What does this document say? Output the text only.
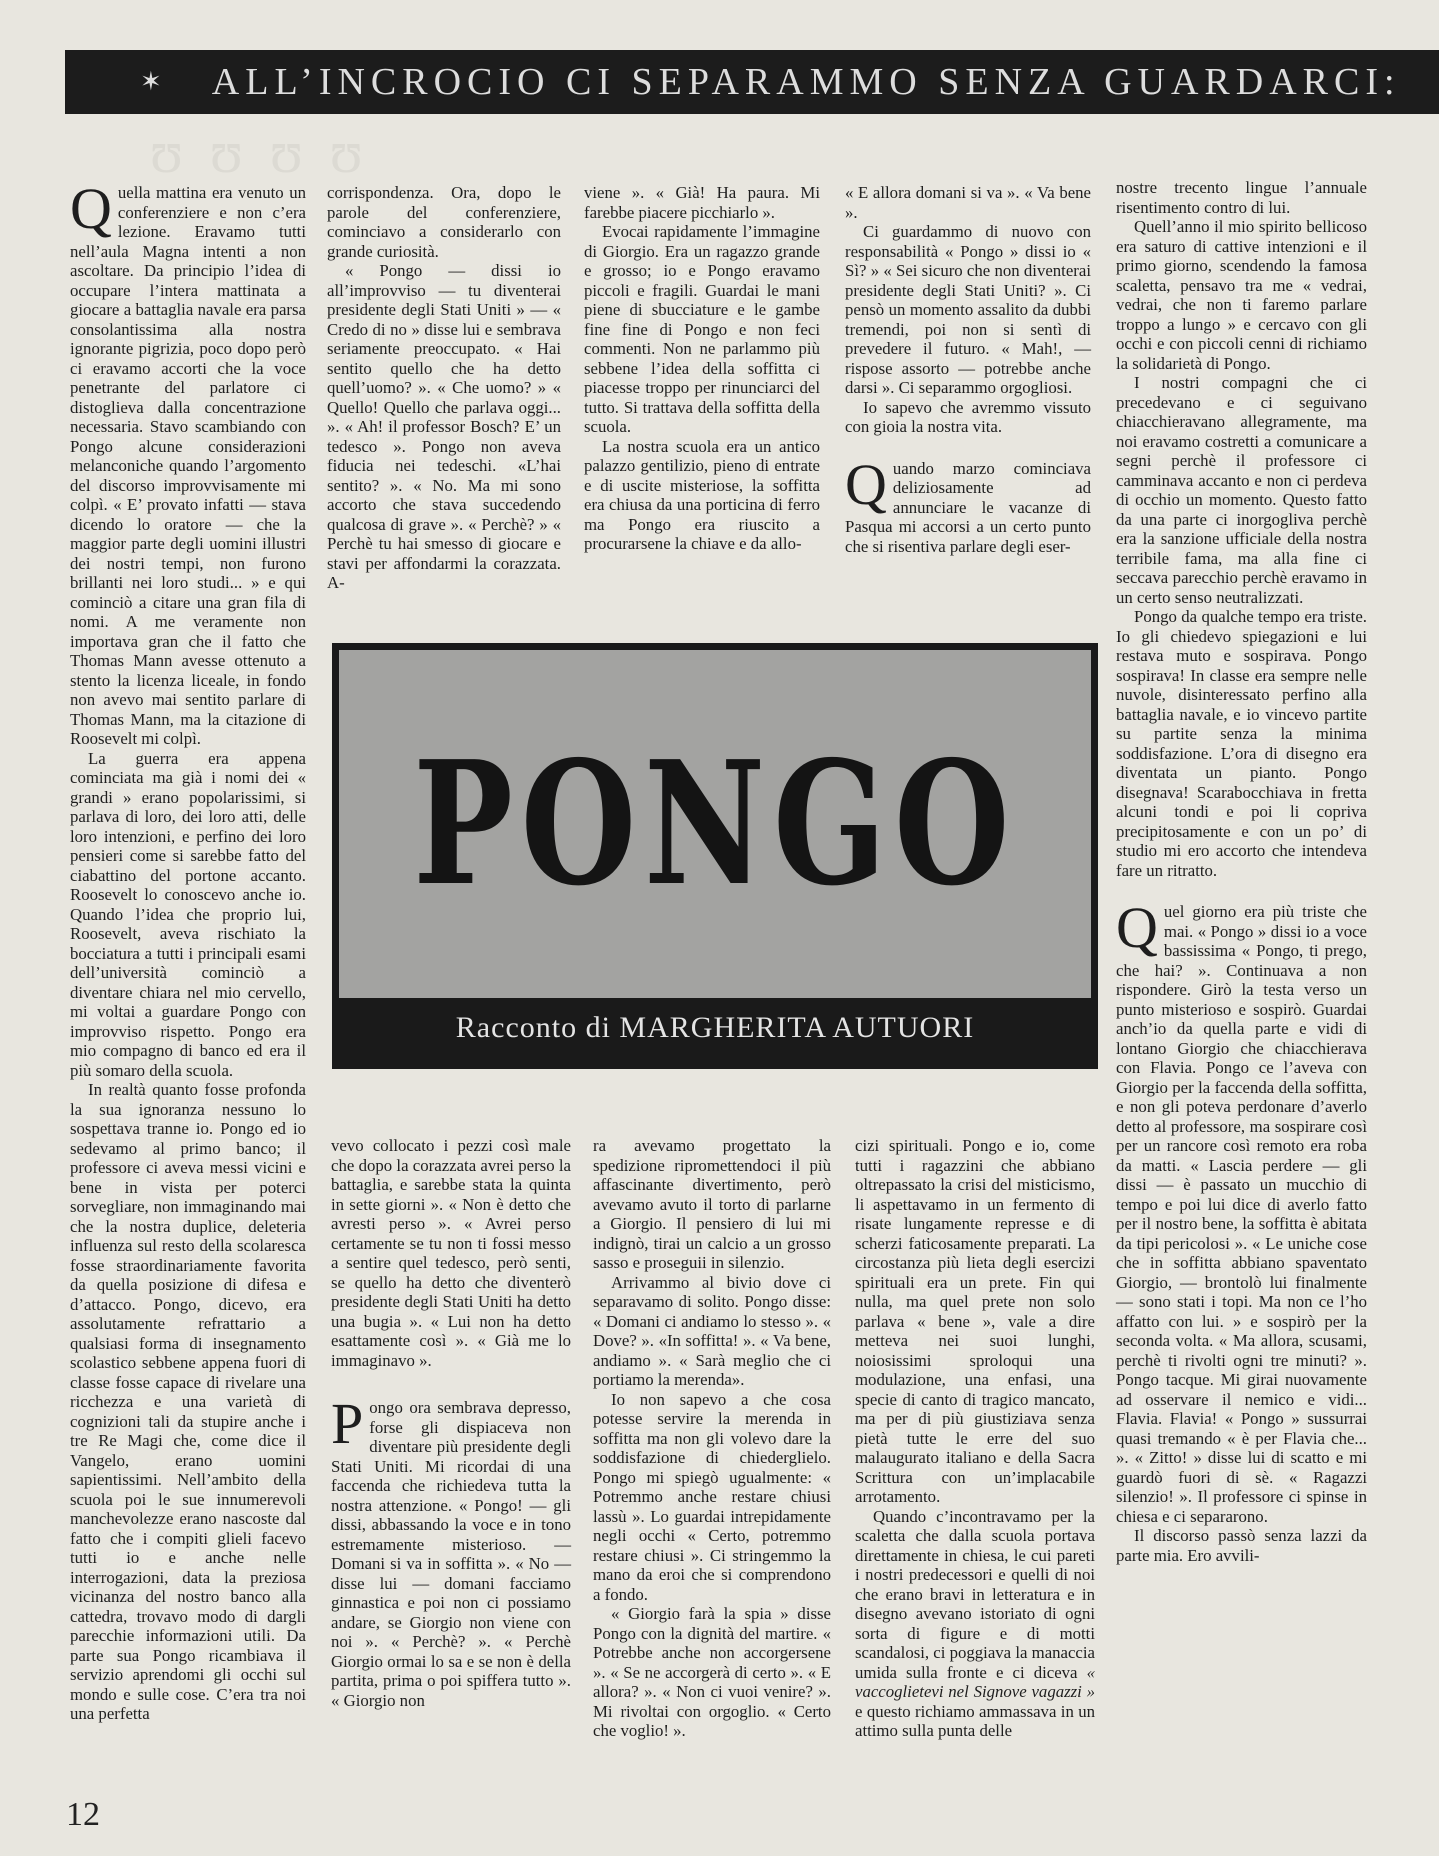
ʊ ʊ ʊ ʊ
✶ ALL’INCROCIO CI SEPARAMMO SENZA GUARDARCI:

Quella mattina era venuto un conferenziere e non c’era lezione. Eravamo tutti nell’aula Magna intenti a non ascoltare. Da principio l’idea di occupare l’intera mattinata a giocare a battaglia navale era parsa consolantissima alla nostra ignorante pigrizia, poco dopo però ci eravamo accorti che la voce penetrante del parlatore ci distoglieva dalla concentrazione necessaria. Stavo scambiando con Pongo alcune considerazioni melanconiche quando l’argomento del discorso improvvisamente mi colpì. « E’ provato infatti — stava dicendo lo oratore — che la maggior parte degli uomini illustri dei nostri tempi, non furono brillanti nei loro studi... » e qui cominciò a citare una gran fila di nomi. A me veramente non importava gran che il fatto che Thomas Mann avesse ottenuto a stento la licenza liceale, in fondo non avevo mai sentito parlare di Thomas Mann, ma la citazione di Roosevelt mi colpì.

La guerra era appena cominciata ma già i nomi dei « grandi » erano popolarissimi, si parlava di loro, dei loro atti, delle loro intenzioni, e perfino dei loro pensieri come si sarebbe fatto del ciabattino del portone accanto. Roosevelt lo conoscevo anche io. Quando l’idea che proprio lui, Roosevelt, aveva rischiato la bocciatura a tutti i principali esami dell’università cominciò a diventare chiara nel mio cervello, mi voltai a guardare Pongo con improvviso rispetto. Pongo era mio compagno di banco ed era il più somaro della scuola.

In realtà quanto fosse profonda la sua ignoranza nessuno lo sospettava tranne io. Pongo ed io sedevamo al primo banco; il professore ci aveva messi vicini e bene in vista per poterci sorvegliare, non immaginando mai che la nostra duplice, deleteria influenza sul resto della scolaresca fosse straordinariamente favorita da quella posizione di difesa e d’attacco. Pongo, dicevo, era assolutamente refrattario a qualsiasi forma di insegnamento scolastico sebbene appena fuori di classe fosse capace di rivelare una ricchezza e una varietà di cognizioni tali da stupire anche i tre Re Magi che, come dice il Vangelo, erano uomini sapientissimi. Nell’ambito della scuola poi le sue innumerevoli manchevolezze erano nascoste dal fatto che i compiti glieli facevo tutti io e anche nelle interrogazioni, data la preziosa vicinanza del nostro banco alla cattedra, trovavo modo di dargli parecchie informazioni utili. Da parte sua Pongo ricambiava il servizio aprendomi gli occhi sul mondo e sulle cose. C’era tra noi una perfetta

corrispondenza. Ora, dopo le parole del conferenziere, cominciavo a considerarlo con grande curiosità.

« Pongo — dissi io all’improvviso — tu diventerai presidente degli Stati Uniti » — « Credo di no » disse lui e sembrava seriamente preoccupato. « Hai sentito quello che ha detto quell’uomo? ». « Che uomo? » « Quello! Quello che parlava oggi... ». « Ah! il professor Bosch? E’ un tedesco ». Pongo non aveva fiducia nei tedeschi. «L’hai sentito? ». « No. Ma mi sono accorto che stava succedendo qualcosa di grave ». « Perchè? » « Perchè tu hai smesso di giocare e stavi per affondarmi la corazzata. A-

viene ». « Già! Ha paura. Mi farebbe piacere picchiarlo ».

Evocai rapidamente l’immagine di Giorgio. Era un ragazzo grande e grosso; io e Pongo eravamo piccoli e fragili. Guardai le mani piene di sbucciature e le gambe fine fine di Pongo e non feci commenti. Non ne parlammo più sebbene l’idea della soffitta ci piacesse troppo per rinunciarci del tutto. Si trattava della soffitta della scuola.

La nostra scuola era un antico palazzo gentilizio, pieno di entrate e di uscite misteriose, la soffitta era chiusa da una porticina di ferro ma Pongo era riuscito a procurarsene la chiave e da allo-

« E allora domani si va ». « Va bene ».

Ci guardammo di nuovo con responsabilità « Pongo » dissi io « Sì? » « Sei sicuro che non diventerai presidente degli Stati Uniti? ». Ci pensò un momento assalito da dubbi tremendi, poi non si sentì di prevedere il futuro. « Mah!, — rispose assorto — potrebbe anche darsi ». Ci separammo orgogliosi.

Io sapevo che avremmo vissuto con gioia la nostra vita.

Quando marzo cominciava deliziosamente ad annunciare le vacanze di Pasqua mi accorsi a un certo punto che si risentiva parlare degli eser-

nostre trecento lingue l’annuale risentimento contro di lui.

Quell’anno il mio spirito bellicoso era saturo di cattive intenzioni e il primo giorno, scendendo la famosa scaletta, pensavo tra me « vedrai, vedrai, che non ti faremo parlare troppo a lungo » e cercavo con gli occhi e con piccoli cenni di richiamo la solidarietà di Pongo.

I nostri compagni che ci precedevano e ci seguivano chiacchieravano allegramente, ma noi eravamo costretti a comunicare a segni perchè il professore ci camminava accanto e non ci perdeva di occhio un momento. Questo fatto da una parte ci inorgogliva perchè era la sanzione ufficiale della nostra terribile fama, ma alla fine ci seccava parecchio perchè eravamo in un certo senso neutralizzati.

Pongo da qualche tempo era triste. Io gli chiedevo spiegazioni e lui restava muto e sospirava. Pongo sospirava! In classe era sempre nelle nuvole, disinteressato perfino alla battaglia navale, e io vincevo partite su partite senza la minima soddisfazione. L’ora di disegno era diventata un pianto. Pongo disegnava! Scarabocchiava in fretta alcuni tondi e poi li copriva precipitosamente e con un po’ di studio mi ero accorto che intendeva fare un ritratto.

Quel giorno era più triste che mai. « Pongo » dissi io a voce bassissima « Pongo, ti prego, che hai? ». Continuava a non rispondere. Girò la testa verso un punto misterioso e sospirò. Guardai anch’io da quella parte e vidi di lontano Giorgio che chiacchierava con Flavia. Pongo ce l’aveva con Giorgio per la faccenda della soffitta, e non gli poteva perdonare d’averlo detto al professore, ma sospirare così per un rancore così remoto era roba da matti. « Lascia perdere — gli dissi — è passato un mucchio di tempo e poi lui dice di averlo fatto per il nostro bene, la soffitta è abitata da tipi pericolosi ». « Le uniche cose che in soffitta abbiano spaventato Giorgio, — brontolò lui finalmente — sono stati i topi. Ma non ce l’ho affatto con lui. » e sospirò per la seconda volta. « Ma allora, scusami, perchè ti rivolti ogni tre minuti? ». Pongo tacque. Mi girai nuovamente ad osservare il nemico e vidi... Flavia. Flavia! « Pongo » sussurrai quasi tremando « è per Flavia che... ». « Zitto! » disse lui di scatto e mi guardò fuori di sè. « Ragazzi silenzio! ». Il professore ci spinse in chiesa e ci separarono.

Il discorso passò senza lazzi da parte mia. Ero avvili-

PONGO
Racconto di MARGHERITA AUTUORI

vevo collocato i pezzi così male che dopo la corazzata avrei perso la battaglia, e sarebbe stata la quinta in sette giorni ». « Non è detto che avresti perso ». « Avrei perso certamente se tu non ti fossi messo a sentire quel tedesco, però senti, se quello ha detto che diventerò presidente degli Stati Uniti ha detto una bugia ». « Lui non ha detto esattamente così ». « Già me lo immaginavo ».

Pongo ora sembrava depresso, forse gli dispiaceva non diventare più presidente degli Stati Uniti. Mi ricordai di una faccenda che richiedeva tutta la nostra attenzione. « Pongo! — gli dissi, abbassando la voce e in tono estremamente misterioso. — Domani si va in soffitta ». « No — disse lui — domani facciamo ginnastica e poi non ci possiamo andare, se Giorgio non viene con noi ». « Perchè? ». « Perchè Giorgio ormai lo sa e se non è della partita, prima o poi spiffera tutto ». « Giorgio non

ra avevamo progettato la spedizione ripromettendoci il più affascinante divertimento, però avevamo avuto il torto di parlarne a Giorgio. Il pensiero di lui mi indignò, tirai un calcio a un grosso sasso e proseguii in silenzio.

Arrivammo al bivio dove ci separavamo di solito. Pongo disse: « Domani ci andiamo lo stesso ». « Dove? ». «In soffitta! ». « Va bene, andiamo ». « Sarà meglio che ci portiamo la merenda».

Io non sapevo a che cosa potesse servire la merenda in soffitta ma non gli volevo dare la soddisfazione di chiederglielo. Pongo mi spiegò ugualmente: « Potremmo anche restare chiusi lassù ». Lo guardai intrepidamente negli occhi « Certo, potremmo restare chiusi ». Ci stringemmo la mano da eroi che si comprendono a fondo.

« Giorgio farà la spia » disse Pongo con la dignità del martire. « Potrebbe anche non accorgersene ». « Se ne accorgerà di certo ». « E allora? ». « Non ci vuoi venire? ». Mi rivoltai con orgoglio. « Certo che voglio! ».

cizi spirituali. Pongo e io, come tutti i ragazzini che abbiano oltrepassato la crisi del misticismo, li aspettavamo in un fermento di risate lungamente represse e di scherzi faticosamente preparati. La circostanza più lieta degli esercizi spirituali era un prete. Fin qui nulla, ma quel prete non solo parlava « bene », vale a dire metteva nei suoi lunghi, noiosissimi sproloqui una modulazione, una enfasi, una specie di canto di tragico mancato, ma per di più giustiziava senza pietà tutte le erre del suo malaugurato italiano e della Sacra Scrittura con un’implacabile arrotamento.

Quando c’incontravamo per la scaletta che dalla scuola portava direttamente in chiesa, le cui pareti i nostri predecessori e quelli di noi che erano bravi in letteratura e in disegno avevano istoriato di ogni sorta di figure e di motti scandalosi, ci poggiava la manaccia umida sulla fronte e ci diceva « vaccoglietevi nel Signove vagazzi » e questo richiamo ammassava in un attimo sulla punta delle

12
